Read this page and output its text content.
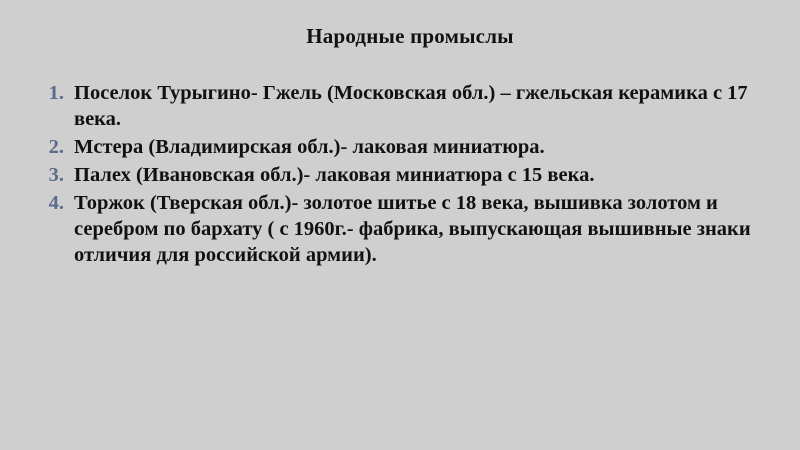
Народные промыслы
1. Поселок Турыгино- Гжель (Московская обл.) – гжельская керамика с 17 века.
2. Мстера (Владимирская обл.)- лаковая миниатюра.
3. Палех (Ивановская обл.)- лаковая миниатюра с 15 века.
4. Торжок (Тверская обл.)- золотое шитье с 18 века, вышивка золотом и серебром по бархату ( с 1960г.- фабрика, выпускающая вышивные знаки отличия для российской армии).
